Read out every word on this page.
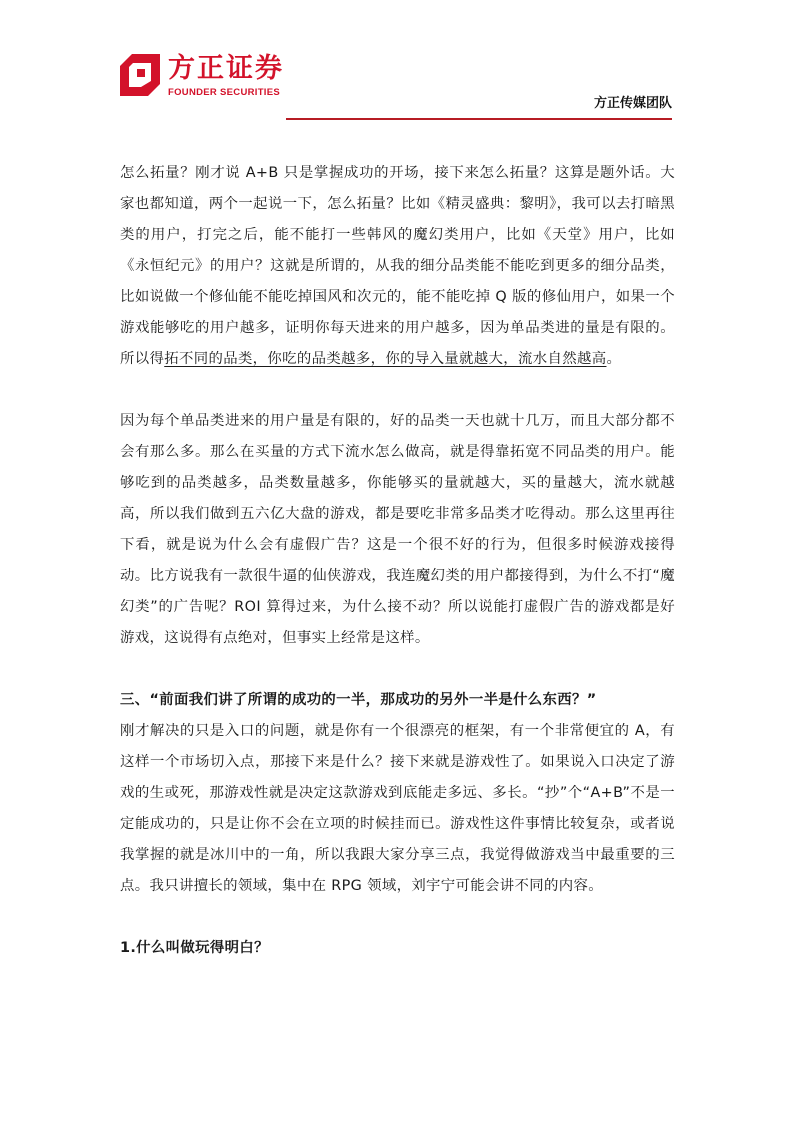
方正证券
FOUNDER SECURITIES
方正传媒团队

怎么拓量？刚才说 A+B 只是掌握成功的开场，接下来怎么拓量？这算是题外话。大家也都知道，两个一起说一下，怎么拓量？比如《精灵盛典：黎明》，我可以去打暗黑类的用户，打完之后，能不能打一些韩风的魔幻类用户，比如《天堂》用户，比如《永恒纪元》的用户？这就是所谓的，从我的细分品类能不能吃到更多的细分品类，比如说做一个修仙能不能吃掉国风和次元的，能不能吃掉 Q 版的修仙用户，如果一个游戏能够吃的用户越多，证明你每天进来的用户越多，因为单品类进的量是有限的。所以得拓不同的品类，你吃的品类越多，你的导入量就越大，流水自然越高。

因为每个单品类进来的用户量是有限的，好的品类一天也就十几万，而且大部分都不会有那么多。那么在买量的方式下流水怎么做高，就是得靠拓宽不同品类的用户。能够吃到的品类越多，品类数量越多，你能够买的量就越大，买的量越大，流水就越高，所以我们做到五六亿大盘的游戏，都是要吃非常多品类才吃得动。那么这里再往下看，就是说为什么会有虚假广告？这是一个很不好的行为，但很多时候游戏接得动。比方说我有一款很牛逼的仙侠游戏，我连魔幻类的用户都接得到，为什么不打“魔幻类”的广告呢？ROI 算得过来，为什么接不动？所以说能打虚假广告的游戏都是好游戏，这说得有点绝对，但事实上经常是这样。

三、“前面我们讲了所谓的成功的一半，那成功的另外一半是什么东西？”

刚才解决的只是入口的问题，就是你有一个很漂亮的框架，有一个非常便宜的 A，有这样一个市场切入点，那接下来是什么？接下来就是游戏性了。如果说入口决定了游戏的生或死，那游戏性就是决定这款游戏到底能走多远、多长。“抄”个“A+B”不是一定能成功的，只是让你不会在立项的时候挂而已。游戏性这件事情比较复杂，或者说我掌握的就是冰川中的一角，所以我跟大家分享三点，我觉得做游戏当中最重要的三点。我只讲擅长的领域，集中在 RPG 领域，刘宇宁可能会讲不同的内容。

1.什么叫做玩得明白？
